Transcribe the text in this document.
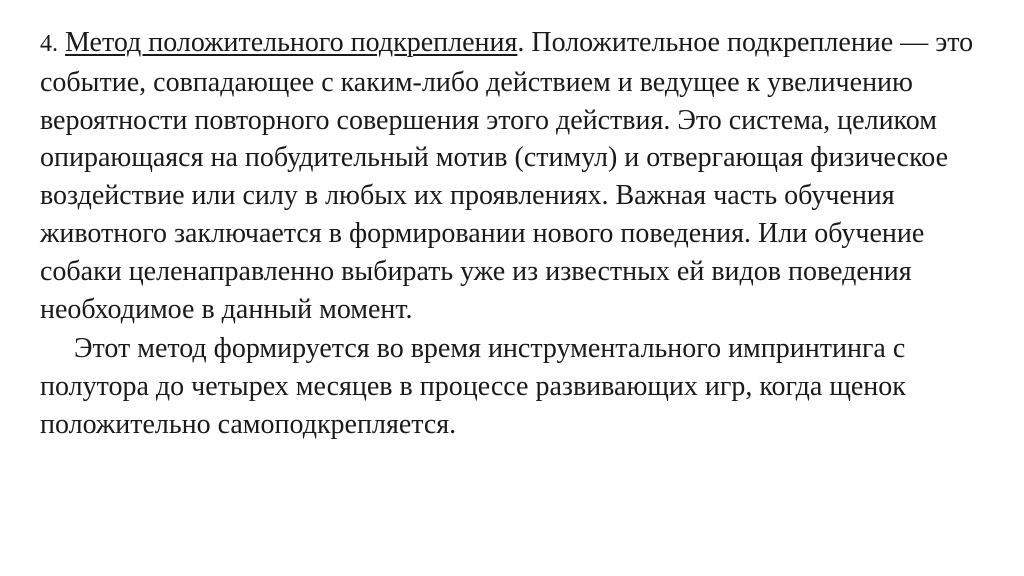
4. Метод положительного подкрепления. Положительное подкрепление — это событие, совпадающее с каким-либо действием и ведущее к увеличению вероятности повторного совершения этого действия. Это система, целиком опирающаяся на побудительный мотив (стимул) и отвергающая физическое воздействие или силу в любых их проявлениях. Важная часть обучения животного заключается в формировании нового поведения. Или обучение собаки целенаправленно выбирать уже из известных ей видов поведения необходимое в данный момент.

Этот метод формируется во время инструментального импринтинга с полутора до четырех месяцев в процессе развивающих игр, когда щенок положительно самоподкрепляется.
